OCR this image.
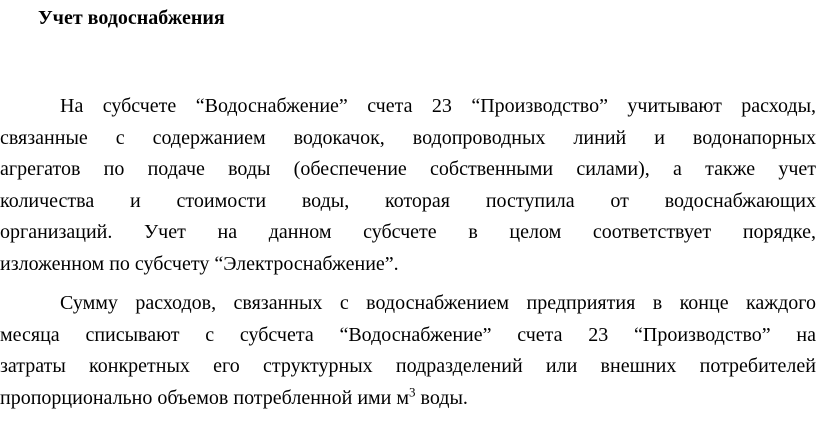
Учет водоснабжения
На субсчете “Водоснабжение” счета 23 “Производство” учитывают расходы,
связанные с содержанием водокачок, водопроводных линий и водонапорных
агрегатов по подаче воды (обеспечение собственными силами), а также учет
количества и стоимости воды, которая поступила от водоснабжающих
организаций. Учет на данном субсчете в целом соответствует порядке,
изложенном по субсчету “Электроснабжение”.
Сумму расходов, связанных с водоснабжением предприятия в конце каждого
месяца списывают с субсчета “Водоснабжение” счета 23 “Производство” на
затраты конкретных его структурных подразделений или внешних потребителей
пропорционально объемов потребленной ими $м^3$ воды.
